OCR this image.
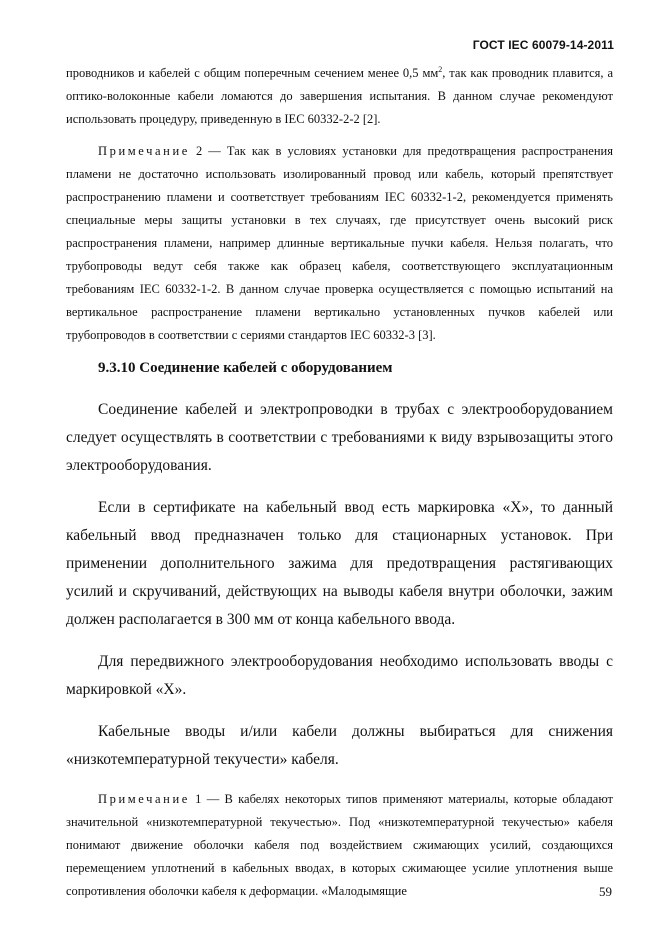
ГОСТ IEC 60079-14-2011

проводников и кабелей с общим поперечным сечением менее 0,5 $мм^2$, так как проводник плавится, а оптико-волоконные кабели ломаются до завершения испытания. В данном случае рекомендуют использовать процедуру, приведенную в IEC 60332-2-2 [2].

Примечание 2 — Так как в условиях установки для предотвращения распространения пламени не достаточно использовать изолированный провод или кабель, который препятствует распространению пламени и соответствует требованиям IEC 60332-1-2, рекомендуется применять специальные меры защиты установки в тех случаях, где присутствует очень высокий риск распространения пламени, например длинные вертикальные пучки кабеля. Нельзя полагать, что трубопроводы ведут себя также как образец кабеля, соответствующего эксплуатационным требованиям IEC 60332-1-2. В данном случае проверка осуществляется с помощью испытаний на вертикальное распространение пламени вертикально установленных пучков кабелей или трубопроводов в соответствии с сериями стандартов IEC 60332-3 [3].

9.3.10 Соединение кабелей с оборудованием

Соединение кабелей и электропроводки в трубах с электрооборудованием следует осуществлять в соответствии с требованиями к виду взрывозащиты этого электрооборудования.

Если в сертификате на кабельный ввод есть маркировка «X», то данный кабельный ввод предназначен только для стационарных установок. При применении дополнительного зажима для предотвращения растягивающих усилий и скручиваний, действующих на выводы кабеля внутри оболочки, зажим должен располагается в 300 мм от конца кабельного ввода.

Для передвижного электрооборудования необходимо использовать вводы с маркировкой «X».

Кабельные вводы и/или кабели должны выбираться для снижения «низкотемпературной текучести» кабеля.

Примечание 1 — В кабелях некоторых типов применяют материалы, которые обладают значительной «низкотемпературной текучестью». Под «низкотемпературной текучестью» кабеля понимают движение оболочки кабеля под воздействием сжимающих усилий, создающихся перемещением уплотнений в кабельных вводах, в которых сжимающее усилие уплотнения выше сопротивления оболочки кабеля к деформации. «Малодымящие	59
